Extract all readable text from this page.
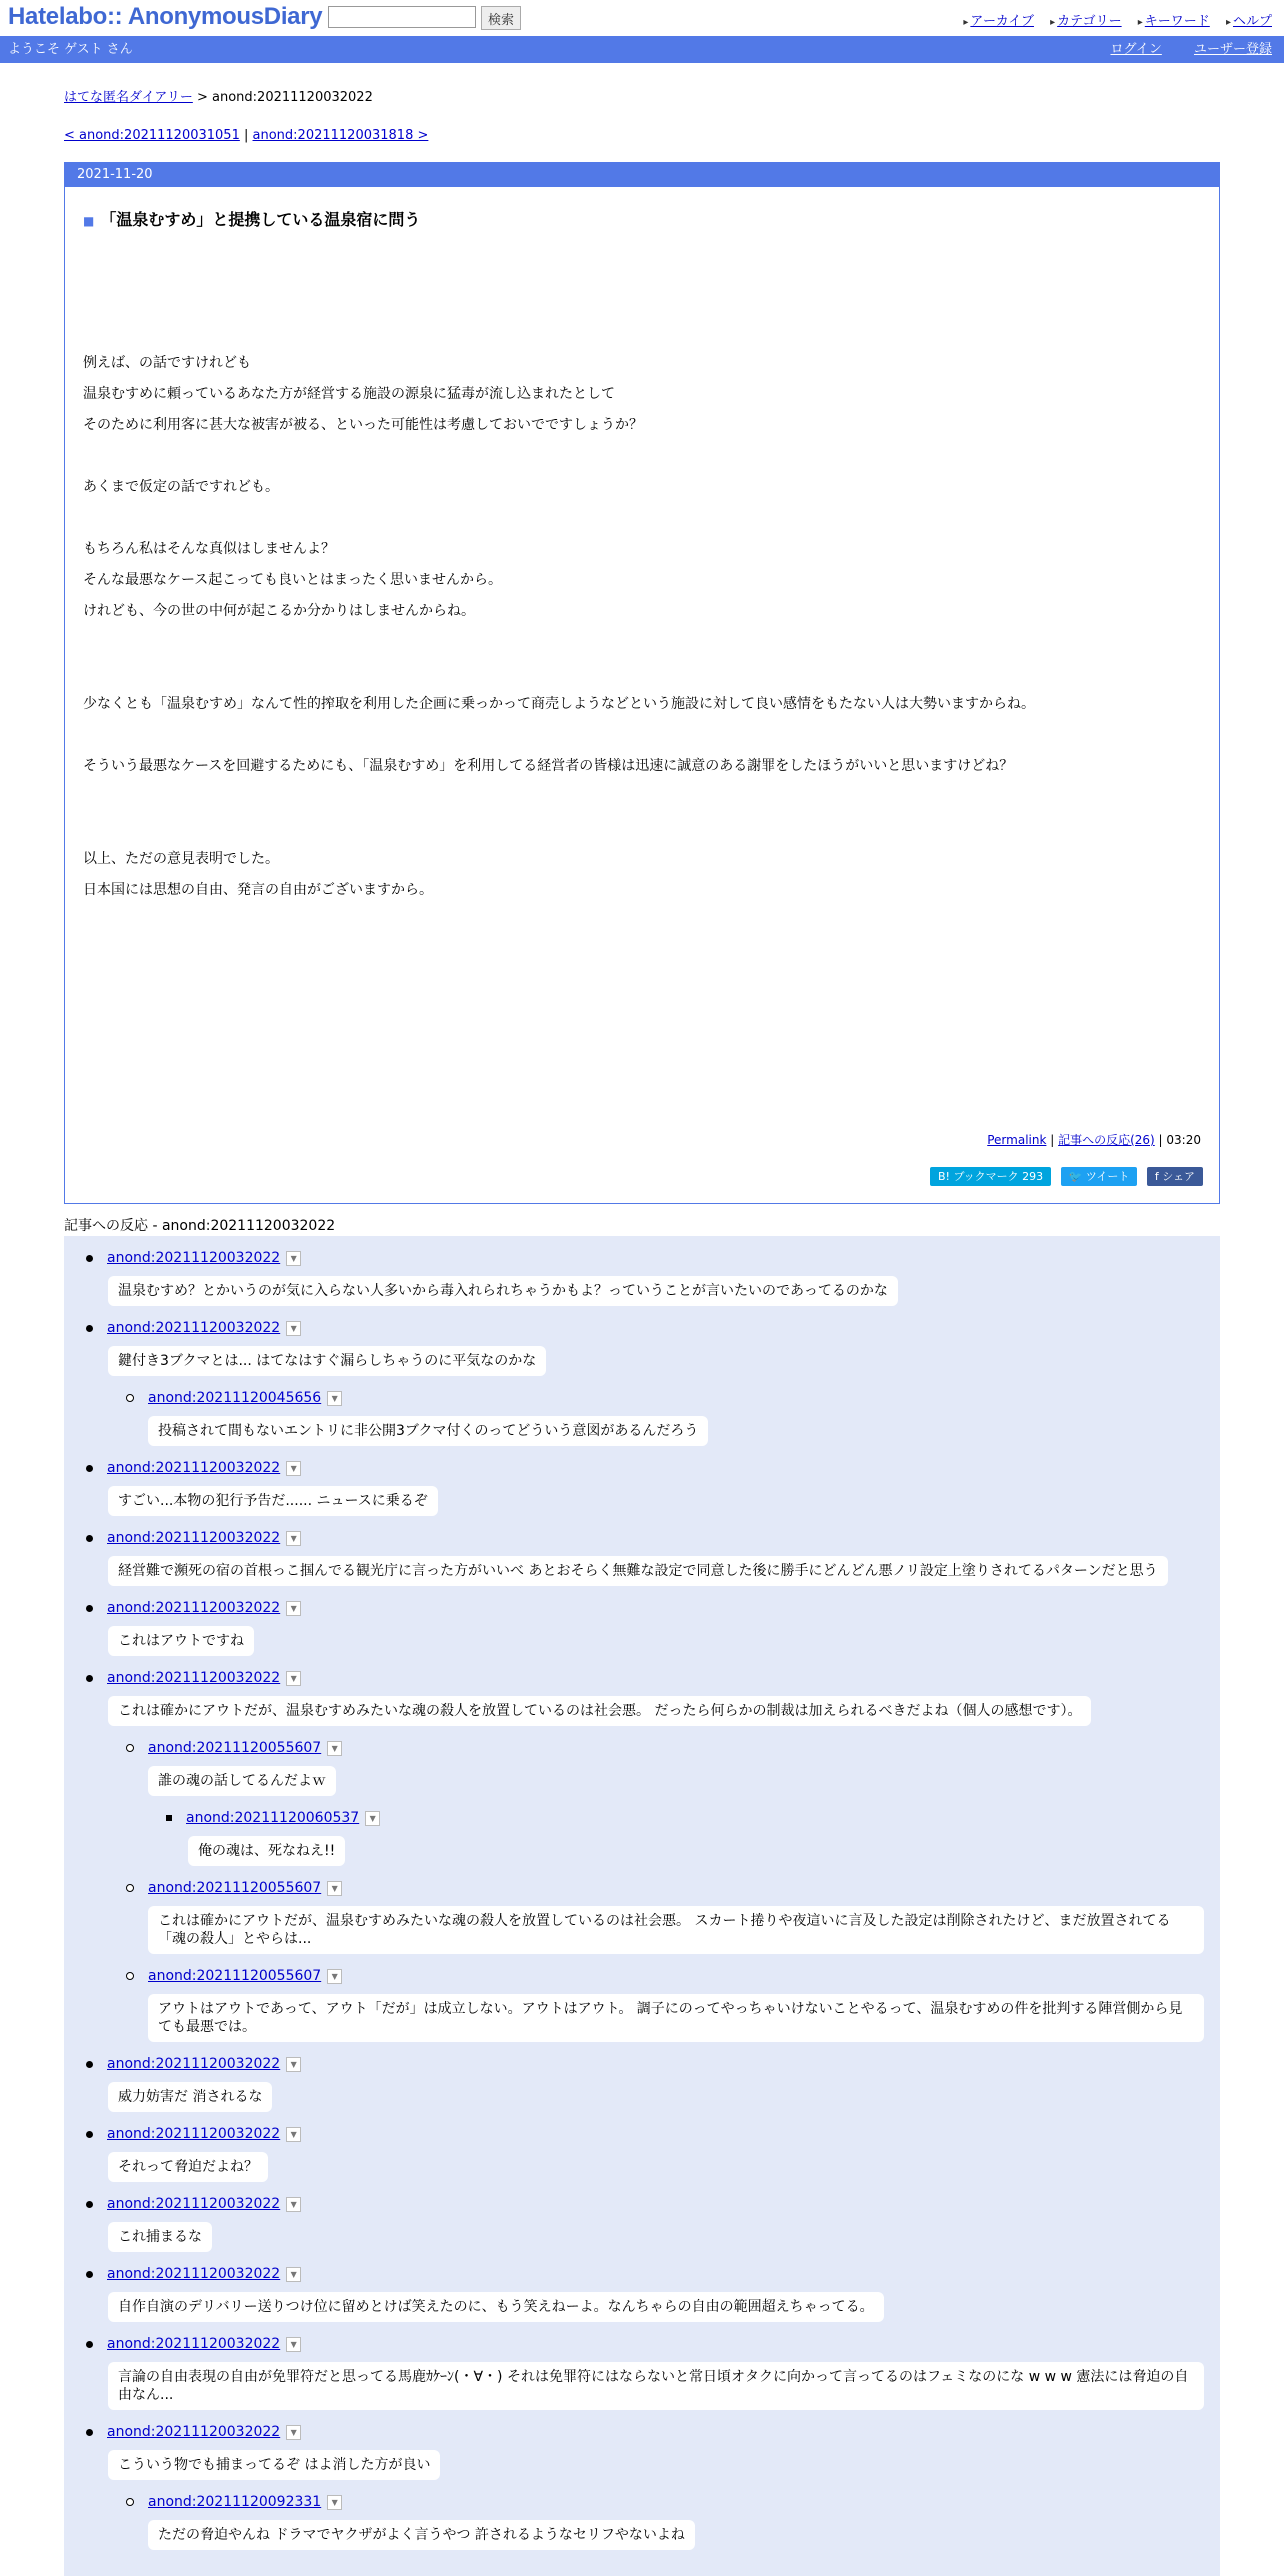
Hatelabo:: AnonymousDiary	検索	▸ アーカイブ ▸ カテゴリー ▸ キーワード ▸ ヘルプ
ようこそ ゲスト さん	ログイン ユーザー登録
はてな匿名ダイアリー > anond:20211120032022
< anond:20211120031051 | anond:20211120031818 >
2021-11-20
■ 「温泉むすめ」と提携している温泉宿に問う

例えば、の話ですけれども

温泉むすめに頼っているあなた方が経営する施設の源泉に猛毒が流し込まれたとして

そのために利用客に甚大な被害が被る、といった可能性は考慮しておいでですしょうか？

あくまで仮定の話ですれども。

もちろん私はそんな真似はしませんよ？

そんな最悪なケース起こっても良いとはまったく思いませんから。

けれども、今の世の中何が起こるか分かりはしませんからね。

少なくとも「温泉むすめ」なんて性的搾取を利用した企画に乗っかって商売しようなどという施設に対して良い感情をもたない人は大勢いますからね。

そういう最悪なケースを回避するためにも、「温泉むすめ」を利用してる経営者の皆様は迅速に誠意のある謝罪をしたほうがいいと思いますけどね？

以上、ただの意見表明でした。

日本国には思想の自由、発言の自由がございますから。

Permalink | 記事への反応(26) | 03:20
B! ブックマーク 293 🐦 ツイート f シェア
記事への反応 - anond:20211120032022
anond:20211120032022 ▼
温泉むすめ？とかいうのが気に入らない人多いから毒入れられちゃうかもよ？っていうことが言いたいのであってるのかな
anond:20211120032022 ▼
鍵付き3ブクマとは... はてなはすぐ漏らしちゃうのに平気なのかな
anond:20211120045656 ▼
投稿されて間もないエントリに非公開3ブクマ付くのってどういう意図があるんだろう
anond:20211120032022 ▼
すごい...本物の犯行予告だ...... ニュースに乗るぞ
anond:20211120032022 ▼
経営難で瀕死の宿の首根っこ掴んでる観光庁に言った方がいいべ あとおそらく無難な設定で同意した後に勝手にどんどん悪ノリ設定上塗りされてるパターンだと思う
anond:20211120032022 ▼
これはアウトですね
anond:20211120032022 ▼
これは確かにアウトだが、温泉むすめみたいな魂の殺人を放置しているのは社会悪。 だったら何らかの制裁は加えられるべきだよね（個人の感想です）。
anond:20211120055607 ▼
誰の魂の話してるんだよｗ
anond:20211120060537 ▼
俺の魂は、死なねえ!!
anond:20211120055607 ▼
これは確かにアウトだが、温泉むすめみたいな魂の殺人を放置しているのは社会悪。 スカート捲りや夜這いに言及した設定は削除されたけど、まだ放置されてる「魂の殺人」とやらは...
anond:20211120055607 ▼
アウトはアウトであって、アウト「だが」は成立しない。アウトはアウト。 調子にのってやっちゃいけないことやるって、温泉むすめの件を批判する陣営側から見ても最悪では。
anond:20211120032022 ▼
威力妨害だ 消されるな
anond:20211120032022 ▼
それって脅迫だよね？
anond:20211120032022 ▼
これ捕まるな
anond:20211120032022 ▼
自作自演のデリバリー送りつけ位に留めとけば笑えたのに、もう笑えねーよ。なんちゃらの自由の範囲超えちゃってる。
anond:20211120032022 ▼
言論の自由表現の自由が免罪符だと思ってる馬鹿ｶｹｰﾝ(・∀・) それは免罪符にはならないと常日頃オタクに向かって言ってるのはフェミなのにな w w w 憲法には脅迫の自由なん...
anond:20211120032022 ▼
こういう物でも捕まってるぞ はよ消した方が良い
anond:20211120092331 ▼
ただの脅迫やんね ドラマでヤクザがよく言うやつ 許されるようなセリフやないよね
